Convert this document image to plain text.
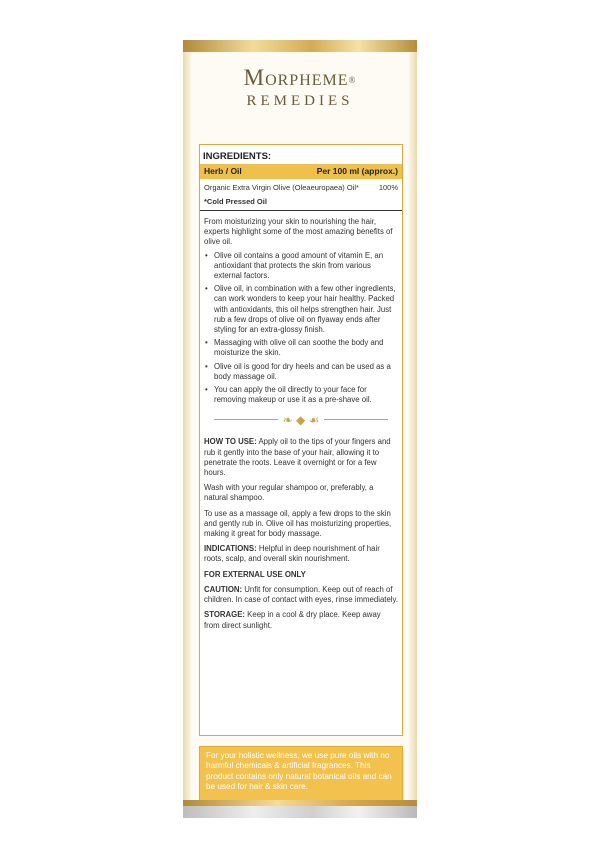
Morpheme®
REMEDIES
INGREDIENTS:
Herb / Oil	Per 100 ml (approx.)
Organic Extra Virgin Olive (Oleaeuropaea) Oil*	100%
*Cold Pressed Oil
From moisturizing your skin to nourishing the hair, experts highlight some of the most amazing benefits of olive oil.
• Olive oil contains a good amount of vitamin E, an antioxidant that protects the skin from various external factors.
• Olive oil, in combination with a few other ingredients, can work wonders to keep your hair healthy. Packed with antioxidants, this oil helps strengthen hair. Just rub a few drops of olive oil on flyaway ends after styling for an extra-glossy finish.
• Massaging with olive oil can soothe the body and moisturize the skin.
• Olive oil is good for dry heels and can be used as a body massage oil.
• You can apply the oil directly to your face for removing makeup or use it as a pre-shave oil.
❧ ◆ ☙
HOW TO USE: Apply oil to the tips of your fingers and rub it gently into the base of your hair, allowing it to penetrate the roots. Leave it overnight or for a few hours.
Wash with your regular shampoo or, preferably, a natural shampoo.
To use as a massage oil, apply a few drops to the skin and gently rub in. Olive oil has moisturizing properties, making it great for body massage.
INDICATIONS: Helpful in deep nourishment of hair roots, scalp, and overall skin nourishment.
FOR EXTERNAL USE ONLY
CAUTION: Unfit for consumption. Keep out of reach of children. In case of contact with eyes, rinse immediately.
STORAGE: Keep in a cool & dry place. Keep away from direct sunlight.
For your holistic wellness, we use pure oils with no harmful chemicals & artificial fragrances. This product contains only natural botanical oils and can be used for hair & skin care.
